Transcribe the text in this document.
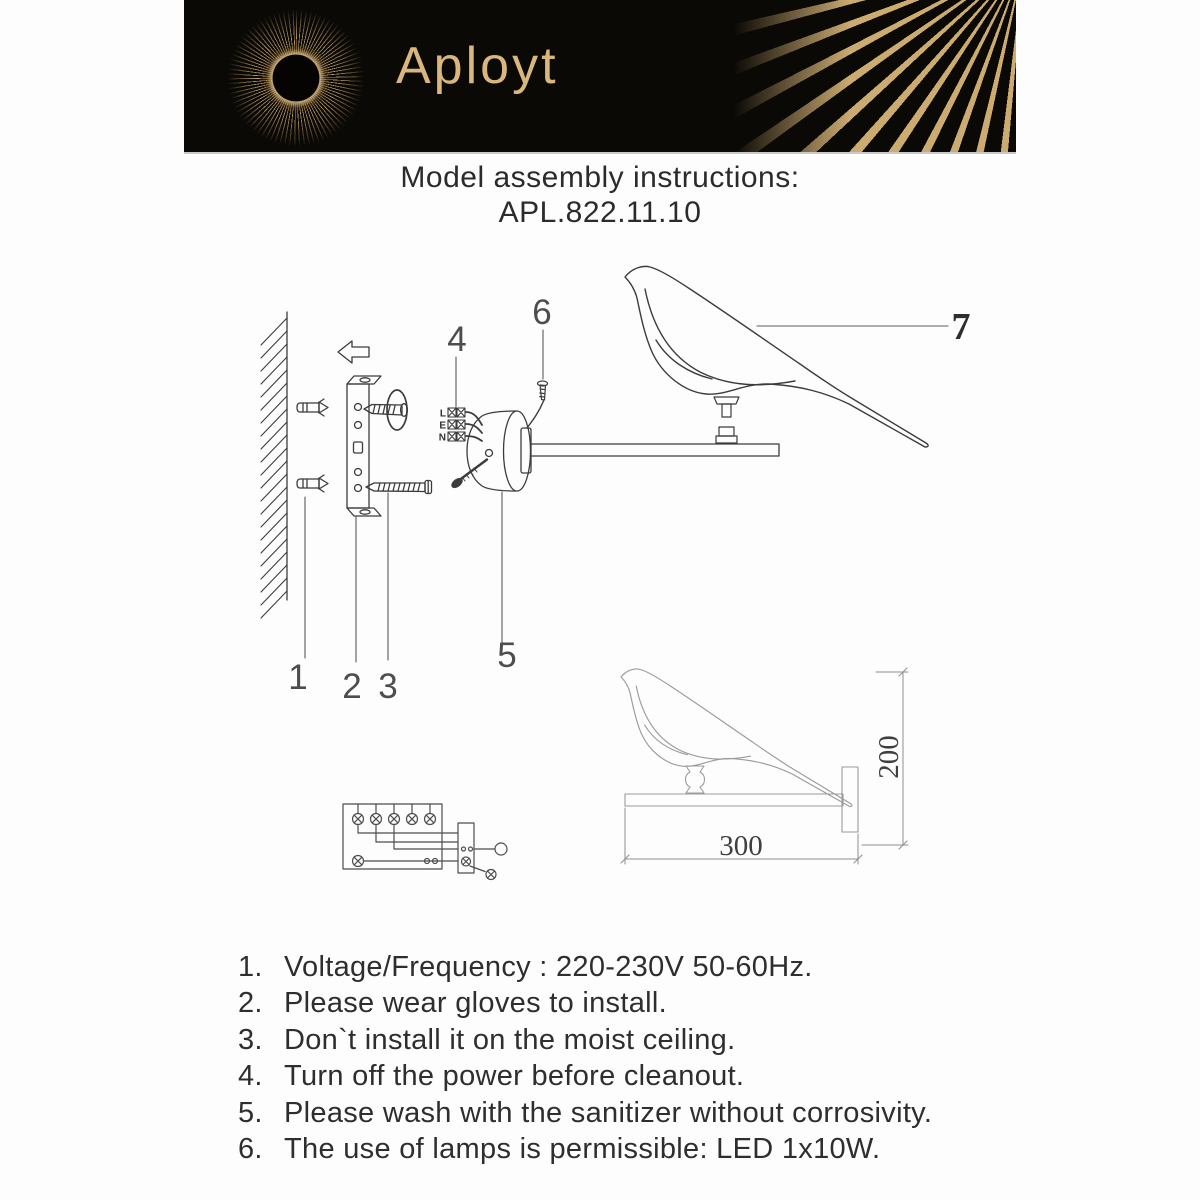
Aployt
Model assembly instructions:
APL.822.11.10
L
E
N
1 2 3
4
5
6	7
300
200
1. Voltage/Frequency : 220-230V 50-60Hz.
2. Please wear gloves to install.
3. Don`t install it on the moist ceiling.
4. Turn off the power before cleanout.
5. Please wash with the sanitizer without corrosivity.
6. The use of lamps is permissible: LED 1x10W.
